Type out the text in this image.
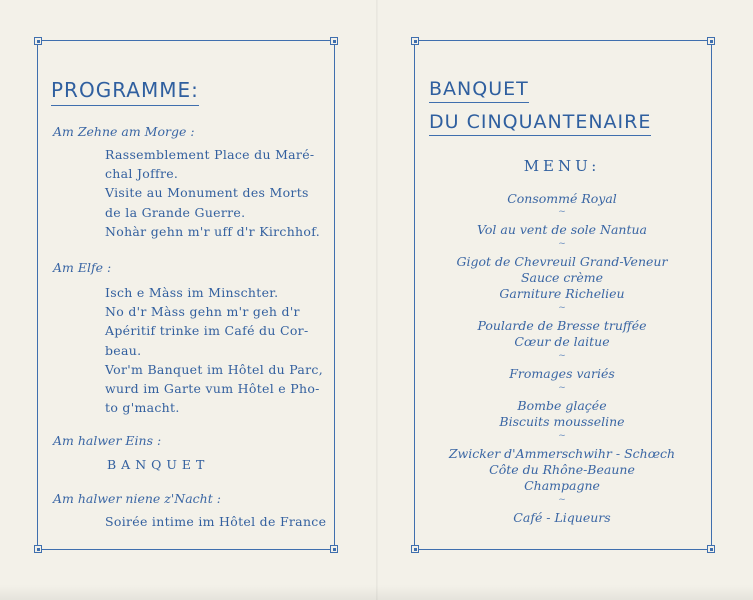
PROGRAMME:
Am Zehne am Morge :
Rassemblement Place du Maré-
chal Joffre.
Visite au Monument des Morts
de la Grande Guerre.
Nohàr gehn m'r uff d'r Kirchhof.
Am Elfe :
Isch e Màss im Minschter.
No d'r Màss gehn m'r geh d'r
Apéritif trinke im Café du Cor-
beau.
Vor'm Banquet im Hôtel du Parc,
wurd im Garte vum Hôtel e Pho-
to g'macht.
Am halwer Eins :
BANQUET
Am halwer niene z'Nacht :
Soirée intime im Hôtel de France
BANQUET
DU CINQUANTENAIRE
MENU:
Consommé Royal
~
Vol au vent de sole Nantua
~
Gigot de Chevreuil Grand-Veneur
Sauce crème
Garniture Richelieu
~
Poularde de Bresse truffée
Cœur de laitue
~
Fromages variés
~
Bombe glaçée
Biscuits mousseline
~
Zwicker d'Ammerschwihr - Schœch
Côte du Rhône-Beaune
Champagne
~
Café - Liqueurs
